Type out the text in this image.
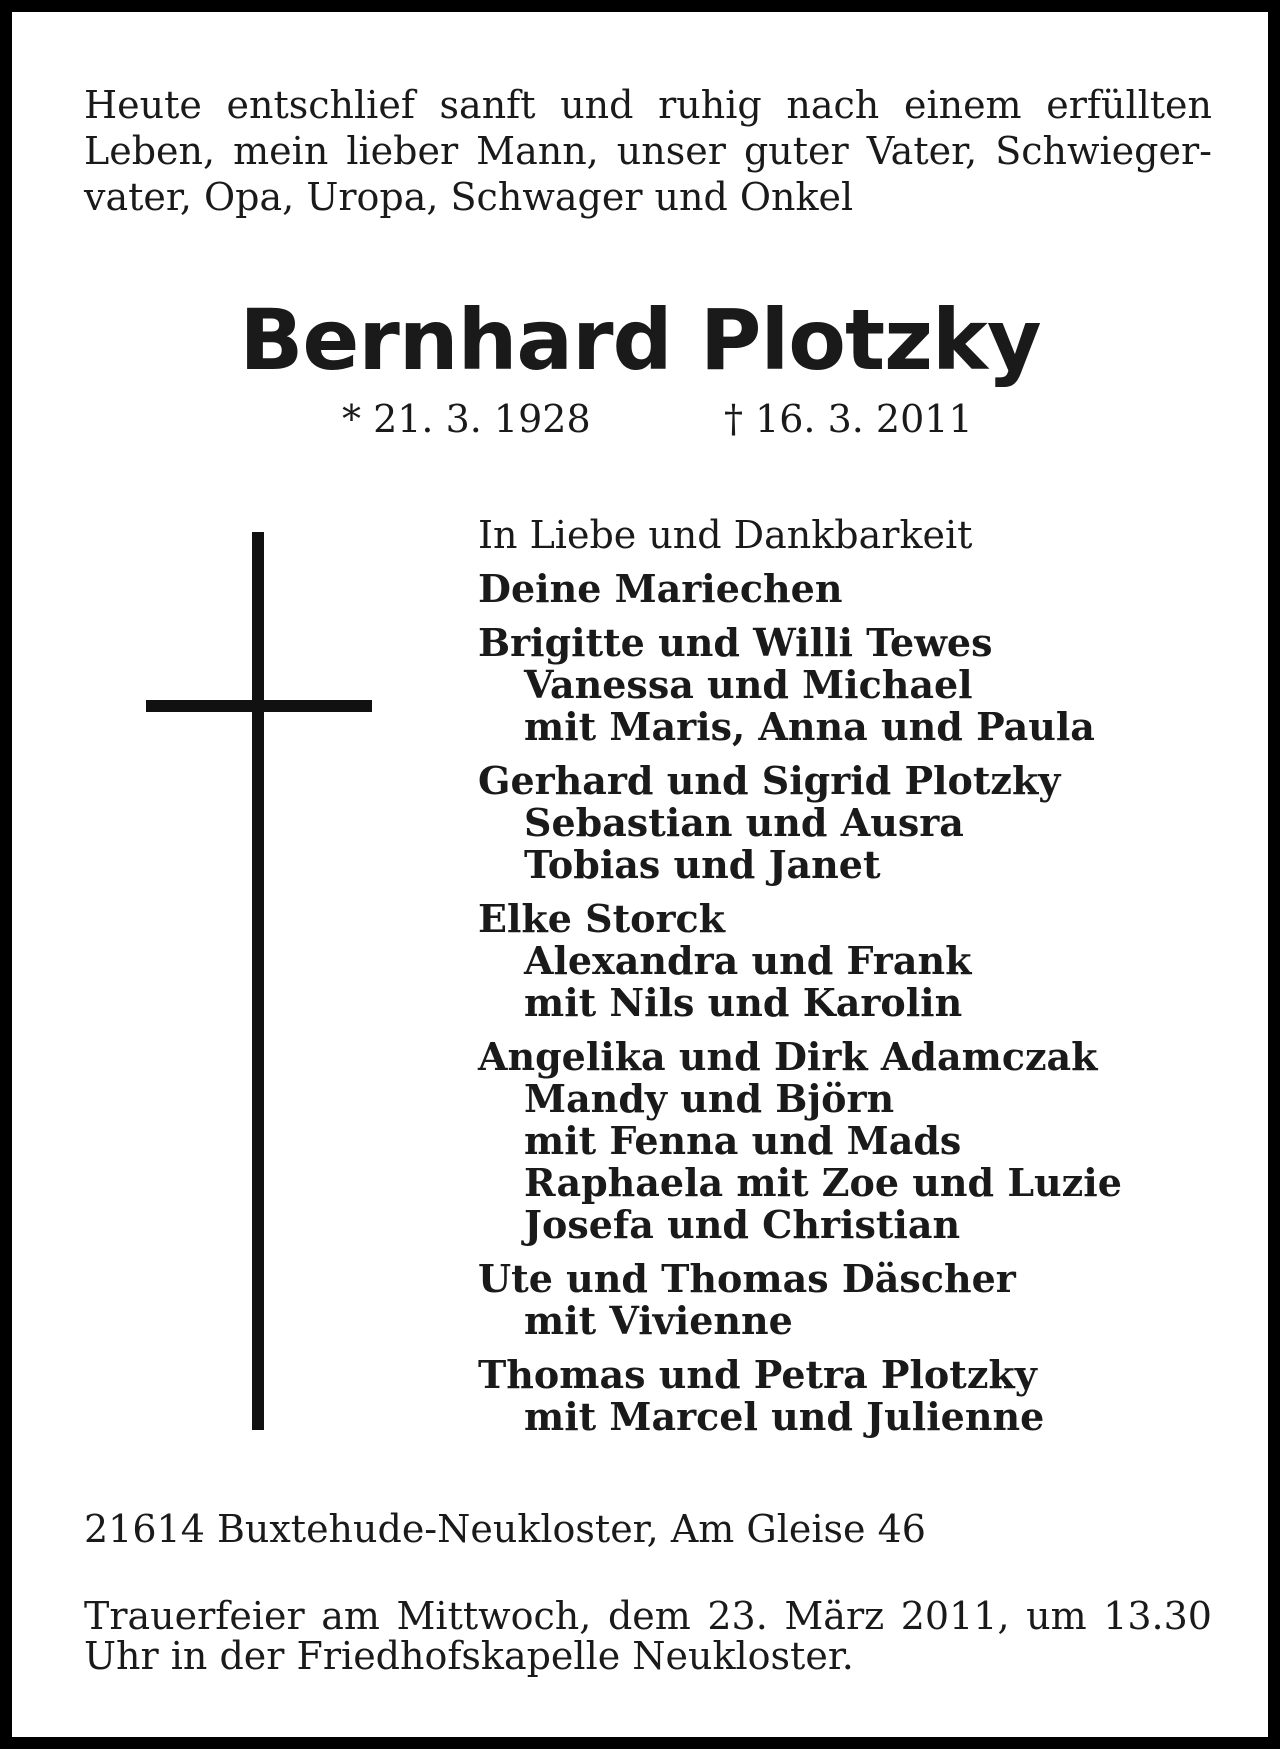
Heute entschlief sanft und ruhig nach einem erfüllten
Leben, mein lieber Mann, unser guter Vater, Schwieger-
vater, Opa, Uropa, Schwager und Onkel

Bernhard Plotzky
* 21. 3. 1928	† 16. 3. 2011
In Liebe und Dankbarkeit
Deine Mariechen
Brigitte und Willi Tewes
Vanessa und Michael
mit Maris, Anna und Paula
Gerhard und Sigrid Plotzky
Sebastian und Ausra
Tobias und Janet
Elke Storck
Alexandra und Frank
mit Nils und Karolin
Angelika und Dirk Adamczak
Mandy und Björn
mit Fenna und Mads
Raphaela mit Zoe und Luzie
Josefa und Christian
Ute und Thomas Däscher
mit Vivienne
Thomas und Petra Plotzky
mit Marcel und Julienne
21614 Buxtehude-Neukloster, Am Gleise 46

Trauerfeier am Mittwoch, dem 23. März 2011, um 13.30
Uhr in der Friedhofskapelle Neukloster.
